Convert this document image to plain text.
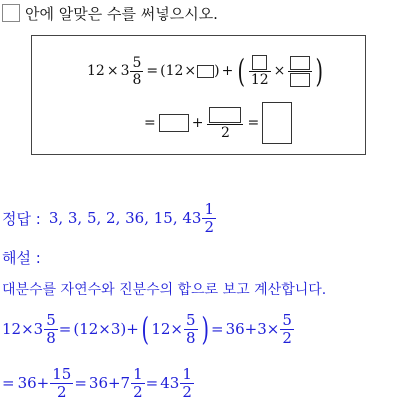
안에 알맞은 수를 써넣으시오.
$12 \times 3 \frac{5}{8} = (12$ × ) + ( 12
× )
=	+
2
=
정답 : 3, 3, 5, 2, 36, 15, $43 \frac{1}{2}$
해설 :
대분수를 자연수와 진분수의 합으로 보고 계산합니다.
$12 \times 3 \frac{5}{8} = (12\times 3)$ + ( $12\times \frac{5}{8}$ ) = $36+3\times \frac{5}{2}$
= $36+ \frac{15}{2} = 36+7 \frac{1}{2} = 43 \frac{1}{2}$
